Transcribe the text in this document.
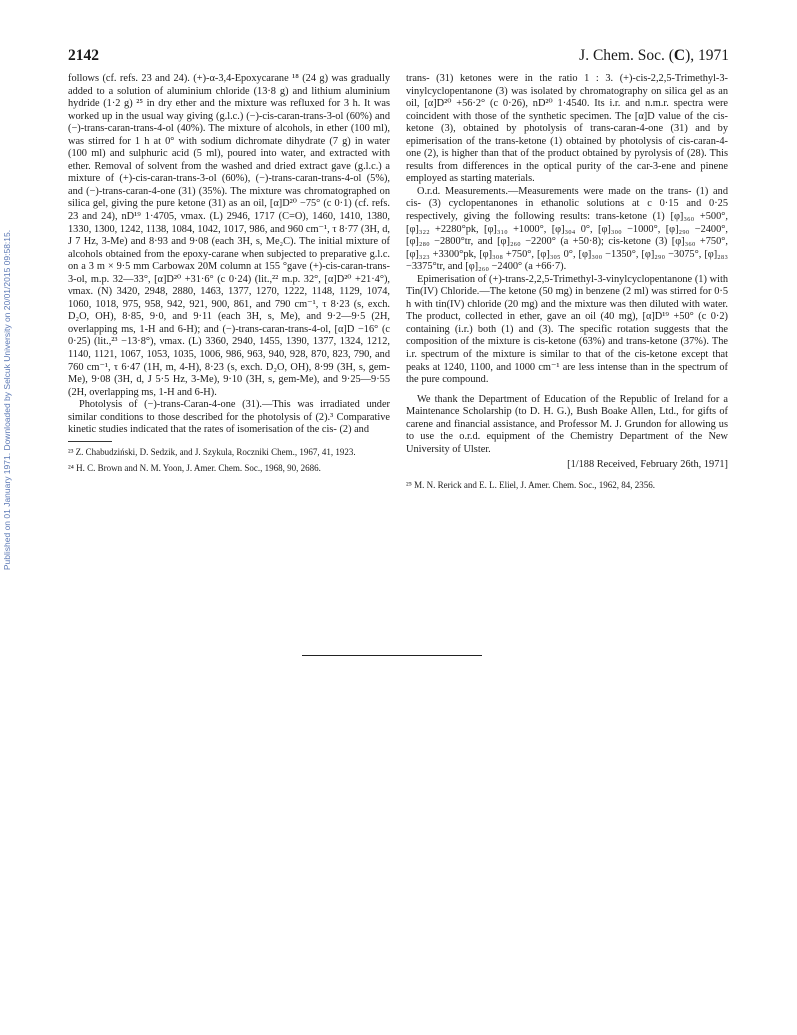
Published on 01 January 1971. Downloaded by Selcuk University on 20/01/2015 09:58:15.
2142	J. Chem. Soc. (C), 1971

follows (cf. refs. 23 and 24). (+)-α-3,4-Epoxycarane ¹⁸ (24 g) was gradually added to a solution of aluminium chloride (13·8 g) and lithium aluminium hydride (1·2 g) ²⁵ in dry ether and the mixture was refluxed for 3 h. It was worked up in the usual way giving (g.l.c.) (−)-cis-caran-trans-3-ol (60%) and (−)-trans-caran-trans-4-ol (40%). The mixture of alcohols, in ether (100 ml), was stirred for 1 h at 0° with sodium dichromate dihydrate (7 g) in water (100 ml) and sulphuric acid (5 ml), poured into water, and extracted with ether. Removal of solvent from the washed and dried extract gave (g.l.c.) a mixture of (+)-cis-caran-trans-3-ol (60%), (−)-trans-caran-trans-4-ol (5%), and (−)-trans-caran-4-one (31) (35%). The mixture was chromatographed on silica gel, giving the pure ketone (31) as an oil, [α]D²⁰ −75° (c 0·1) (cf. refs. 23 and 24), nD¹⁹ 1·4705, νmax. (L) 2946, 1717 (C=O), 1460, 1410, 1380, 1330, 1300, 1242, 1138, 1084, 1042, 1017, 986, and 960 cm⁻¹, τ 8·77 (3H, d, J 7 Hz, 3-Me) and 8·93 and 9·08 (each 3H, s, Me₂C). The initial mixture of alcohols obtained from the epoxy-carane when subjected to preparative g.l.c. on a 3 m × 9·5 mm Carbowax 20M column at 155 °gave (+)-cis-caran-trans-3-ol, m.p. 32—33°, [α]D²⁰ +31·6° (c 0·24) (lit.,²² m.p. 32°, [α]D²⁰ +21·4°), νmax. (N) 3420, 2948, 2880, 1463, 1377, 1270, 1222, 1148, 1129, 1074, 1060, 1018, 975, 958, 942, 921, 900, 861, and 790 cm⁻¹, τ 8·23 (s, exch. D₂O, OH), 8·85, 9·0, and 9·11 (each 3H, s, Me), and 9·2—9·5 (2H, overlapping ms, 1-H and 6-H); and (−)-trans-caran-trans-4-ol, [α]D −16° (c 0·25) (lit.,²³ −13·8°), νmax. (L) 3360, 2940, 1455, 1390, 1377, 1324, 1212, 1140, 1121, 1067, 1053, 1035, 1006, 986, 963, 940, 928, 870, 823, 790, and 760 cm⁻¹, τ 6·47 (1H, m, 4-H), 8·23 (s, exch. D₂O, OH), 8·99 (3H, s, gem-Me), 9·08 (3H, d, J 5·5 Hz, 3-Me), 9·10 (3H, s, gem-Me), and 9·25—9·55 (2H, overlapping ms, 1-H and 6-H).

Photolysis of (−)-trans-Caran-4-one (31).—This was irradiated under similar conditions to those described for the photolysis of (2).³ Comparative kinetic studies indicated that the rates of isomerisation of the cis- (2) and

²³ Z. Chabudziński, D. Sedzik, and J. Szykula, Roczniki Chem., 1967, 41, 1923.

²⁴ H. C. Brown and N. M. Yoon, J. Amer. Chem. Soc., 1968, 90, 2686.

trans- (31) ketones were in the ratio 1 : 3. (+)-cis-2,2,5-Trimethyl-3-vinylcyclopentanone (3) was isolated by chromatography on silica gel as an oil, [α]D²⁰ +56·2° (c 0·26), nD²⁰ 1·4540. Its i.r. and n.m.r. spectra were coincident with those of the synthetic specimen. The [α]D value of the cis-ketone (3), obtained by photolysis of trans-caran-4-one (31) and by epimerisation of the trans-ketone (1) obtained by photolysis of cis-caran-4-one (2), is higher than that of the product obtained by pyrolysis of (28). This results from differences in the optical purity of the car-3-ene and pinene employed as starting materials.

O.r.d. Measurements.—Measurements were made on the trans- (1) and cis- (3) cyclopentanones in ethanolic solutions at c 0·15 and 0·25 respectively, giving the following results: trans-ketone (1) [φ]₃₆₀ +500°, [φ]₃₂₂ +2280°pk, [φ]₃₁₀ +1000°, [φ]₃₀₄ 0°, [φ]₃₀₀ −1000°, [φ]₂₉₀ −2400°, [φ]₂₈₀ −2800°tr, and [φ]₂₆₀ −2200° (a +50·8); cis-ketone (3) [φ]₃₆₀ +750°, [φ]₃₂₃ +3300°pk, [φ]₃₀₈ +750°, [φ]₃₀₅ 0°, [φ]₃₀₀ −1350°, [φ]₂₉₀ −3075°, [φ]₂₈₃ −3375°tr, and [φ]₂₆₀ −2400° (a +66·7).

Epimerisation of (+)-trans-2,2,5-Trimethyl-3-vinylcyclopentanone (1) with Tin(IV) Chloride.—The ketone (50 mg) in benzene (2 ml) was stirred for 0·5 h with tin(IV) chloride (20 mg) and the mixture was then diluted with water. The product, collected in ether, gave an oil (40 mg), [α]D¹⁹ +50° (c 0·2) containing (i.r.) both (1) and (3). The specific rotation suggests that the composition of the mixture is cis-ketone (63%) and trans-ketone (37%). The i.r. spectrum of the mixture is similar to that of the cis-ketone except that peaks at 1240, 1100, and 1000 cm⁻¹ are less intense than in the spectrum of the pure compound.

We thank the Department of Education of the Republic of Ireland for a Maintenance Scholarship (to D. H. G.), Bush Boake Allen, Ltd., for gifts of carene and financial assistance, and Professor M. J. Grundon for allowing us to use the o.r.d. equipment of the Chemistry Department of the New University of Ulster.

[1/188 Received, February 26th, 1971]

²⁵ M. N. Rerick and E. L. Eliel, J. Amer. Chem. Soc., 1962, 84, 2356.
